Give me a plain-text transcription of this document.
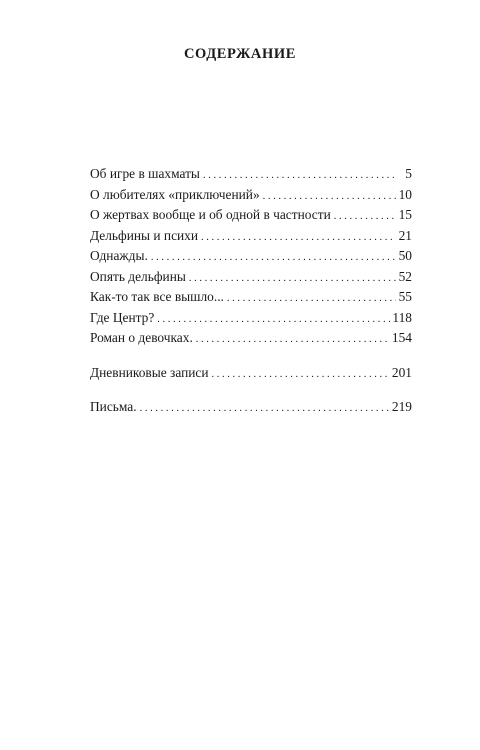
СОДЕРЖАНИЕ
Об игре в шахматы . . .	5
О любителях «приключений» . . .	10
О жертвах вообще и об одной в частности . . .	15
Дельфины и психи . . .	21
Однажды. . . .	50
Опять дельфины . . .	52
Как-то так все вышло... . . .	55
Где Центр? . . .	118
Роман о девочках. . . .	154
Дневниковые записи . . .	201
Письма. . . .	219
